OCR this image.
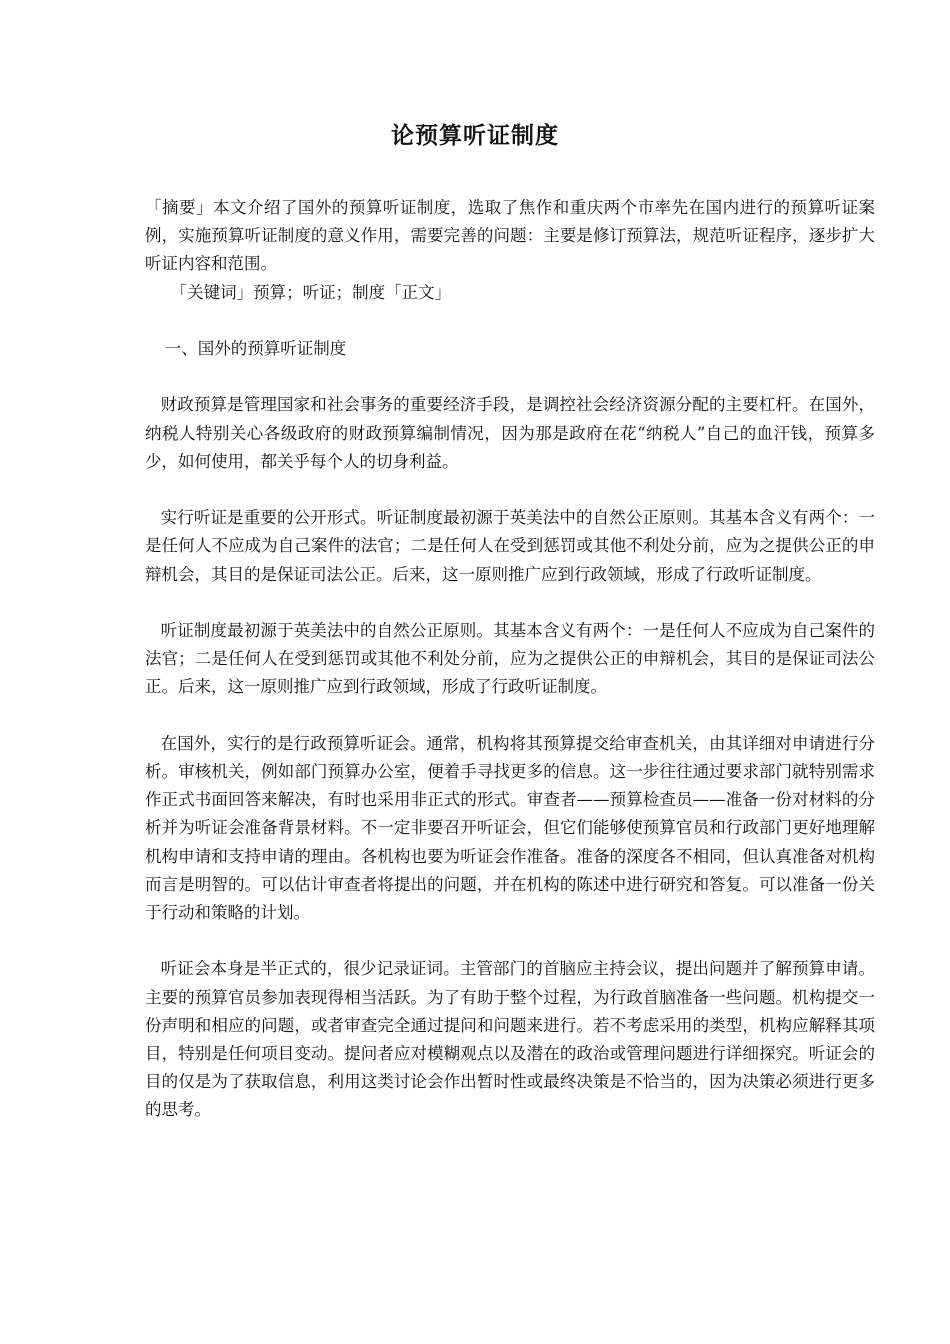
论预算听证制度

「摘要」本文介绍了国外的预算听证制度，选取了焦作和重庆两个市率先在国内进行的预算听证案例，实施预算听证制度的意义作用，需要完善的问题：主要是修订预算法，规范听证程序，逐步扩大听证内容和范围。

「关键词」预算；听证；制度「正文」

一、国外的预算听证制度

财政预算是管理国家和社会事务的重要经济手段，是调控社会经济资源分配的主要杠杆。在国外，纳税人特别关心各级政府的财政预算编制情况，因为那是政府在花“纳税人”自己的血汗钱，预算多少，如何使用，都关乎每个人的切身利益。

实行听证是重要的公开形式。听证制度最初源于英美法中的自然公正原则。其基本含义有两个：一是任何人不应成为自己案件的法官；二是任何人在受到惩罚或其他不利处分前，应为之提供公正的申辩机会，其目的是保证司法公正。后来，这一原则推广应到行政领域，形成了行政听证制度。

听证制度最初源于英美法中的自然公正原则。其基本含义有两个：一是任何人不应成为自己案件的法官；二是任何人在受到惩罚或其他不利处分前，应为之提供公正的申辩机会，其目的是保证司法公正。后来，这一原则推广应到行政领域，形成了行政听证制度。

在国外，实行的是行政预算听证会。通常，机构将其预算提交给审查机关，由其详细对申请进行分析。审核机关，例如部门预算办公室，便着手寻找更多的信息。这一步往往通过要求部门就特别需求作正式书面回答来解决，有时也采用非正式的形式。审查者——预算检查员——准备一份对材料的分析并为听证会准备背景材料。不一定非要召开听证会，但它们能够使预算官员和行政部门更好地理解机构申请和支持申请的理由。各机构也要为听证会作准备。准备的深度各不相同，但认真准备对机构而言是明智的。可以估计审查者将提出的问题，并在机构的陈述中进行研究和答复。可以准备一份关于行动和策略的计划。

听证会本身是半正式的，很少记录证词。主管部门的首脑应主持会议，提出问题并了解预算申请。主要的预算官员参加表现得相当活跃。为了有助于整个过程，为行政首脑准备一些问题。机构提交一份声明和相应的问题，或者审查完全通过提问和问题来进行。若不考虑采用的类型，机构应解释其项目，特别是任何项目变动。提问者应对模糊观点以及潜在的政治或管理问题进行详细探究。听证会的目的仅是为了获取信息，利用这类讨论会作出暂时性或最终决策是不恰当的，因为决策必须进行更多的思考。
